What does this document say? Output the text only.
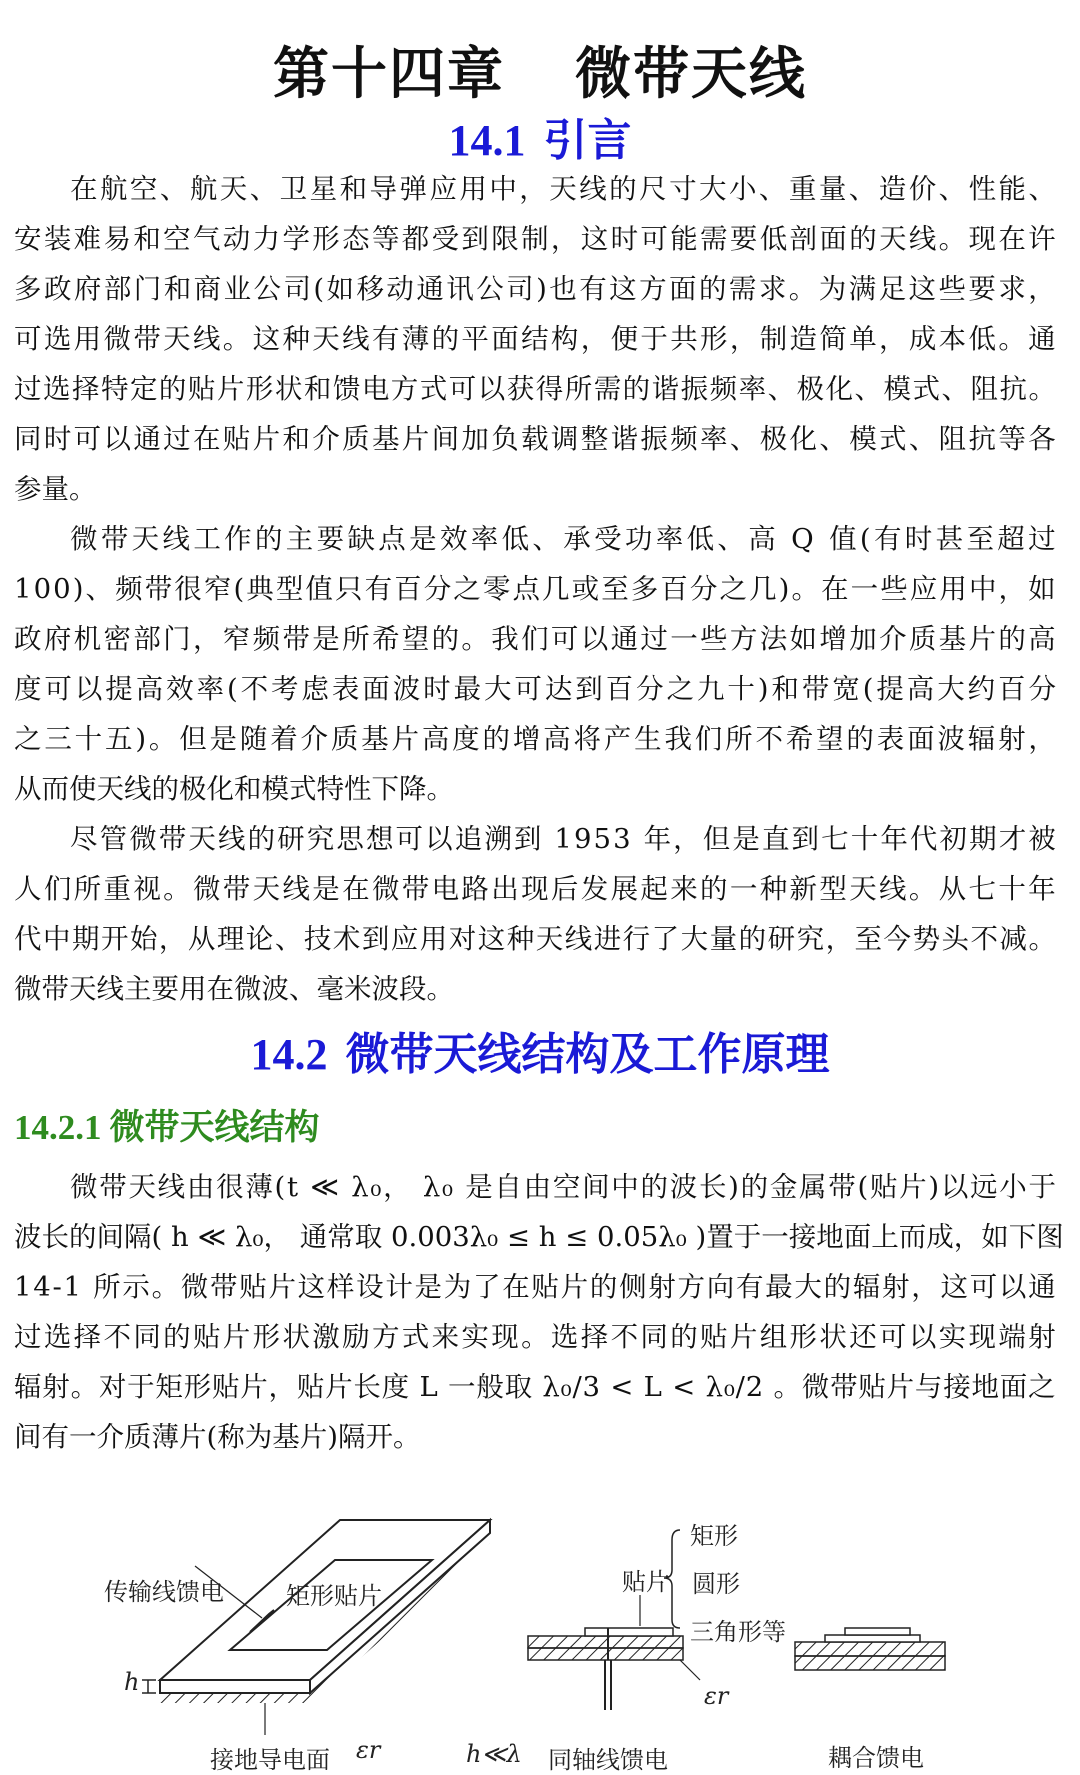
第十四章 微带天线
14.1 引言
在 航 空 、 航 天 、 卫 星 和 导 弹 应 用 中 ， 天 线 的 尺 寸 大 小 、 重 量 、 造 价 、 性 能 、
安 装 难 易 和 空 气 动 力 学 形 态 等 都 受 到 限 制 ， 这 时 可 能 需 要 低 剖 面 的 天 线 。 现 在 许
多 政 府 部 门 和 商 业 公 司 ( 如 移 动 通 讯 公 司 ) 也 有 这 方 面 的 需 求 。 为 满 足 这 些 要 求 ，
可 选 用 微 带 天 线 。 这 种 天 线 有 薄 的 平 面 结 构 ， 便 于 共 形 ， 制 造 简 单 ， 成 本 低 。 通
过 选 择 特 定 的 贴 片 形 状 和 馈 电 方 式 可 以 获 得 所 需 的 谐 振 频 率 、 极 化 、 模 式 、 阻 抗 。
同 时 可 以 通 过 在 贴 片 和 介 质 基 片 间 加 负 载 调 整 谐 振 频 率 、 极 化 、 模 式 、 阻 抗 等 各
参量。
微 带 天 线 工 作 的 主 要 缺 点 是 效 率 低 、 承 受 功 率 低 、 高
Q
值 ( 有 时 甚 至 超 过
1 0 0 ) 、 频 带 很 窄 ( 典 型 值 只 有 百 分 之 零 点 几 或 至 多 百 分 之 几 ) 。 在 一 些 应 用 中 ， 如
政 府 机 密 部 门 ， 窄 频 带 是 所 希 望 的 。 我 们 可 以 通 过 一 些 方 法 如 增 加 介 质 基 片 的 高
度 可 以 提 高 效 率 ( 不 考 虑 表 面 波 时 最 大 可 达 到 百 分 之 九 十 ) 和 带 宽 ( 提 高 大 约 百 分
之 三 十 五 ) 。 但 是 随 着 介 质 基 片 高 度 的 增 高 将 产 生 我 们 所 不 希 望 的 表 面 波 辐 射 ，
从而使天线的极化和模式特性下降。
尽 管 微 带 天 线 的 研 究 思 想 可 以 追 溯 到
1 9 5 3
年 ， 但 是 直 到 七 十 年 代 初 期 才 被
人 们 所 重 视 。 微 带 天 线 是 在 微 带 电 路 出 现 后 发 展 起 来 的 一 种 新 型 天 线 。 从 七 十 年
代 中 期 开 始 ， 从 理 论 、 技 术 到 应 用 对 这 种 天 线 进 行 了 大 量 的 研 究 ， 至 今 势 头 不 减 。
微带天线主要用在微波、毫米波段。
14.2 微带天线结构及工作原理
14.2.1 微带天线结构
微 带 天 线 由 很 薄 ( t
≪
λ ₀ ，
λ ₀
是 自 由 空 间 中 的 波 长 ) 的 金 属 带 ( 贴 片 ) 以 远 小 于
波 长 的 间 隔 (
h
≪
λ ₀ ，
通 常 取
0 . 0 0 3 λ ₀
≤
h
≤
0 . 0 5 λ ₀
) 置 于 一 接 地 面 上 而 成 ， 如 下 图
1 4 - 1
所 示 。 微 带 贴 片 这 样 设 计 是 为 了 在 贴 片 的 侧 射 方 向 有 最 大 的 辐 射 ， 这 可 以 通
过 选 择 不 同 的 贴 片 形 状 激 励 方 式 来 实 现 。 选 择 不 同 的 贴 片 组 形 状 还 可 以 实 现 端 射
辐 射 。 对 于 矩 形 贴 片 ， 贴 片 长 度
L
一 般 取
λ ₀ / 3
<
L
<
λ ₀ / 2
。 微 带 贴 片 与 接 地 面 之
间有一介质薄片(称为基片)隔开。
传输线馈电	矩形贴片
h
接地导电面 εr	h≪λ 同轴线馈电
贴片
矩形
圆形
三角形等
εr
耦合馈电
